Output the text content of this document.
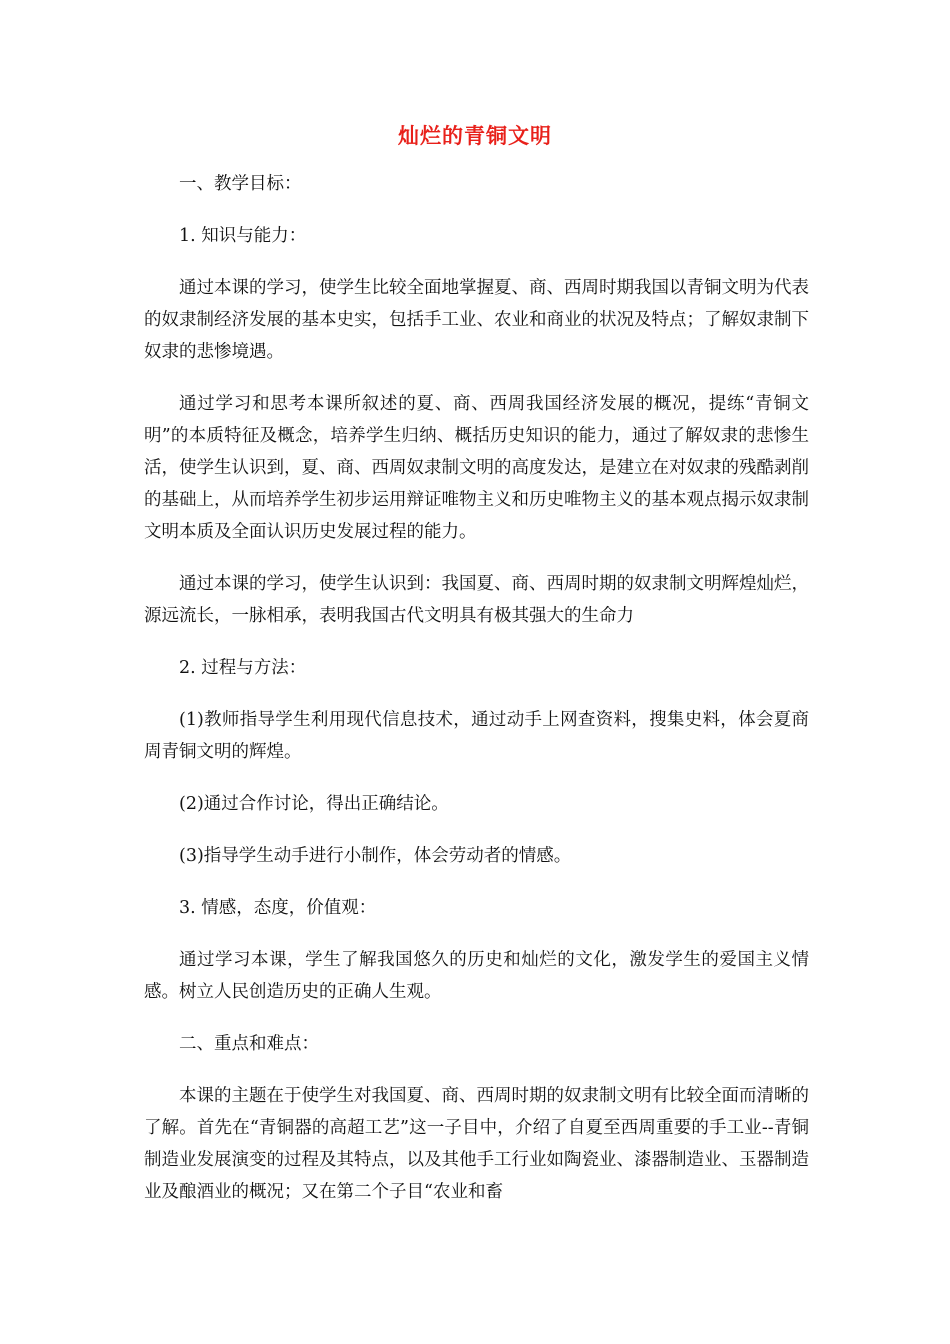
灿烂的青铜文明

一、教学目标：

1. 知识与能力：

通过本课的学习，使学生比较全面地掌握夏、商、西周时期我国以青铜文明为代表的奴隶制经济发展的基本史实，包括手工业、农业和商业的状况及特点；了解奴隶制下奴隶的悲惨境遇。

通过学习和思考本课所叙述的夏、商、西周我国经济发展的概况，提练“青铜文明”的本质特征及概念，培养学生归纳、概括历史知识的能力，通过了解奴隶的悲惨生活，使学生认识到，夏、商、西周奴隶制文明的高度发达，是建立在对奴隶的残酷剥削的基础上，从而培养学生初步运用辩证唯物主义和历史唯物主义的基本观点揭示奴隶制文明本质及全面认识历史发展过程的能力。

通过本课的学习，使学生认识到：我国夏、商、西周时期的奴隶制文明辉煌灿烂，源远流长，一脉相承，表明我国古代文明具有极其强大的生命力

2. 过程与方法：

(1)教师指导学生利用现代信息技术，通过动手上网查资料，搜集史料，体会夏商周青铜文明的辉煌。

(2)通过合作讨论，得出正确结论。

(3)指导学生动手进行小制作，体会劳动者的情感。

3. 情感，态度，价值观：

通过学习本课，学生了解我国悠久的历史和灿烂的文化，激发学生的爱国主义情感。树立人民创造历史的正确人生观。

二、重点和难点：

本课的主题在于使学生对我国夏、商、西周时期的奴隶制文明有比较全面而清晰的了解。首先在“青铜器的高超工艺”这一子目中，介绍了自夏至西周重要的手工业--青铜制造业发展演变的过程及其特点，以及其他手工行业如陶瓷业、漆器制造业、玉器制造业及酿酒业的概况；又在第二个子目“农业和畜
